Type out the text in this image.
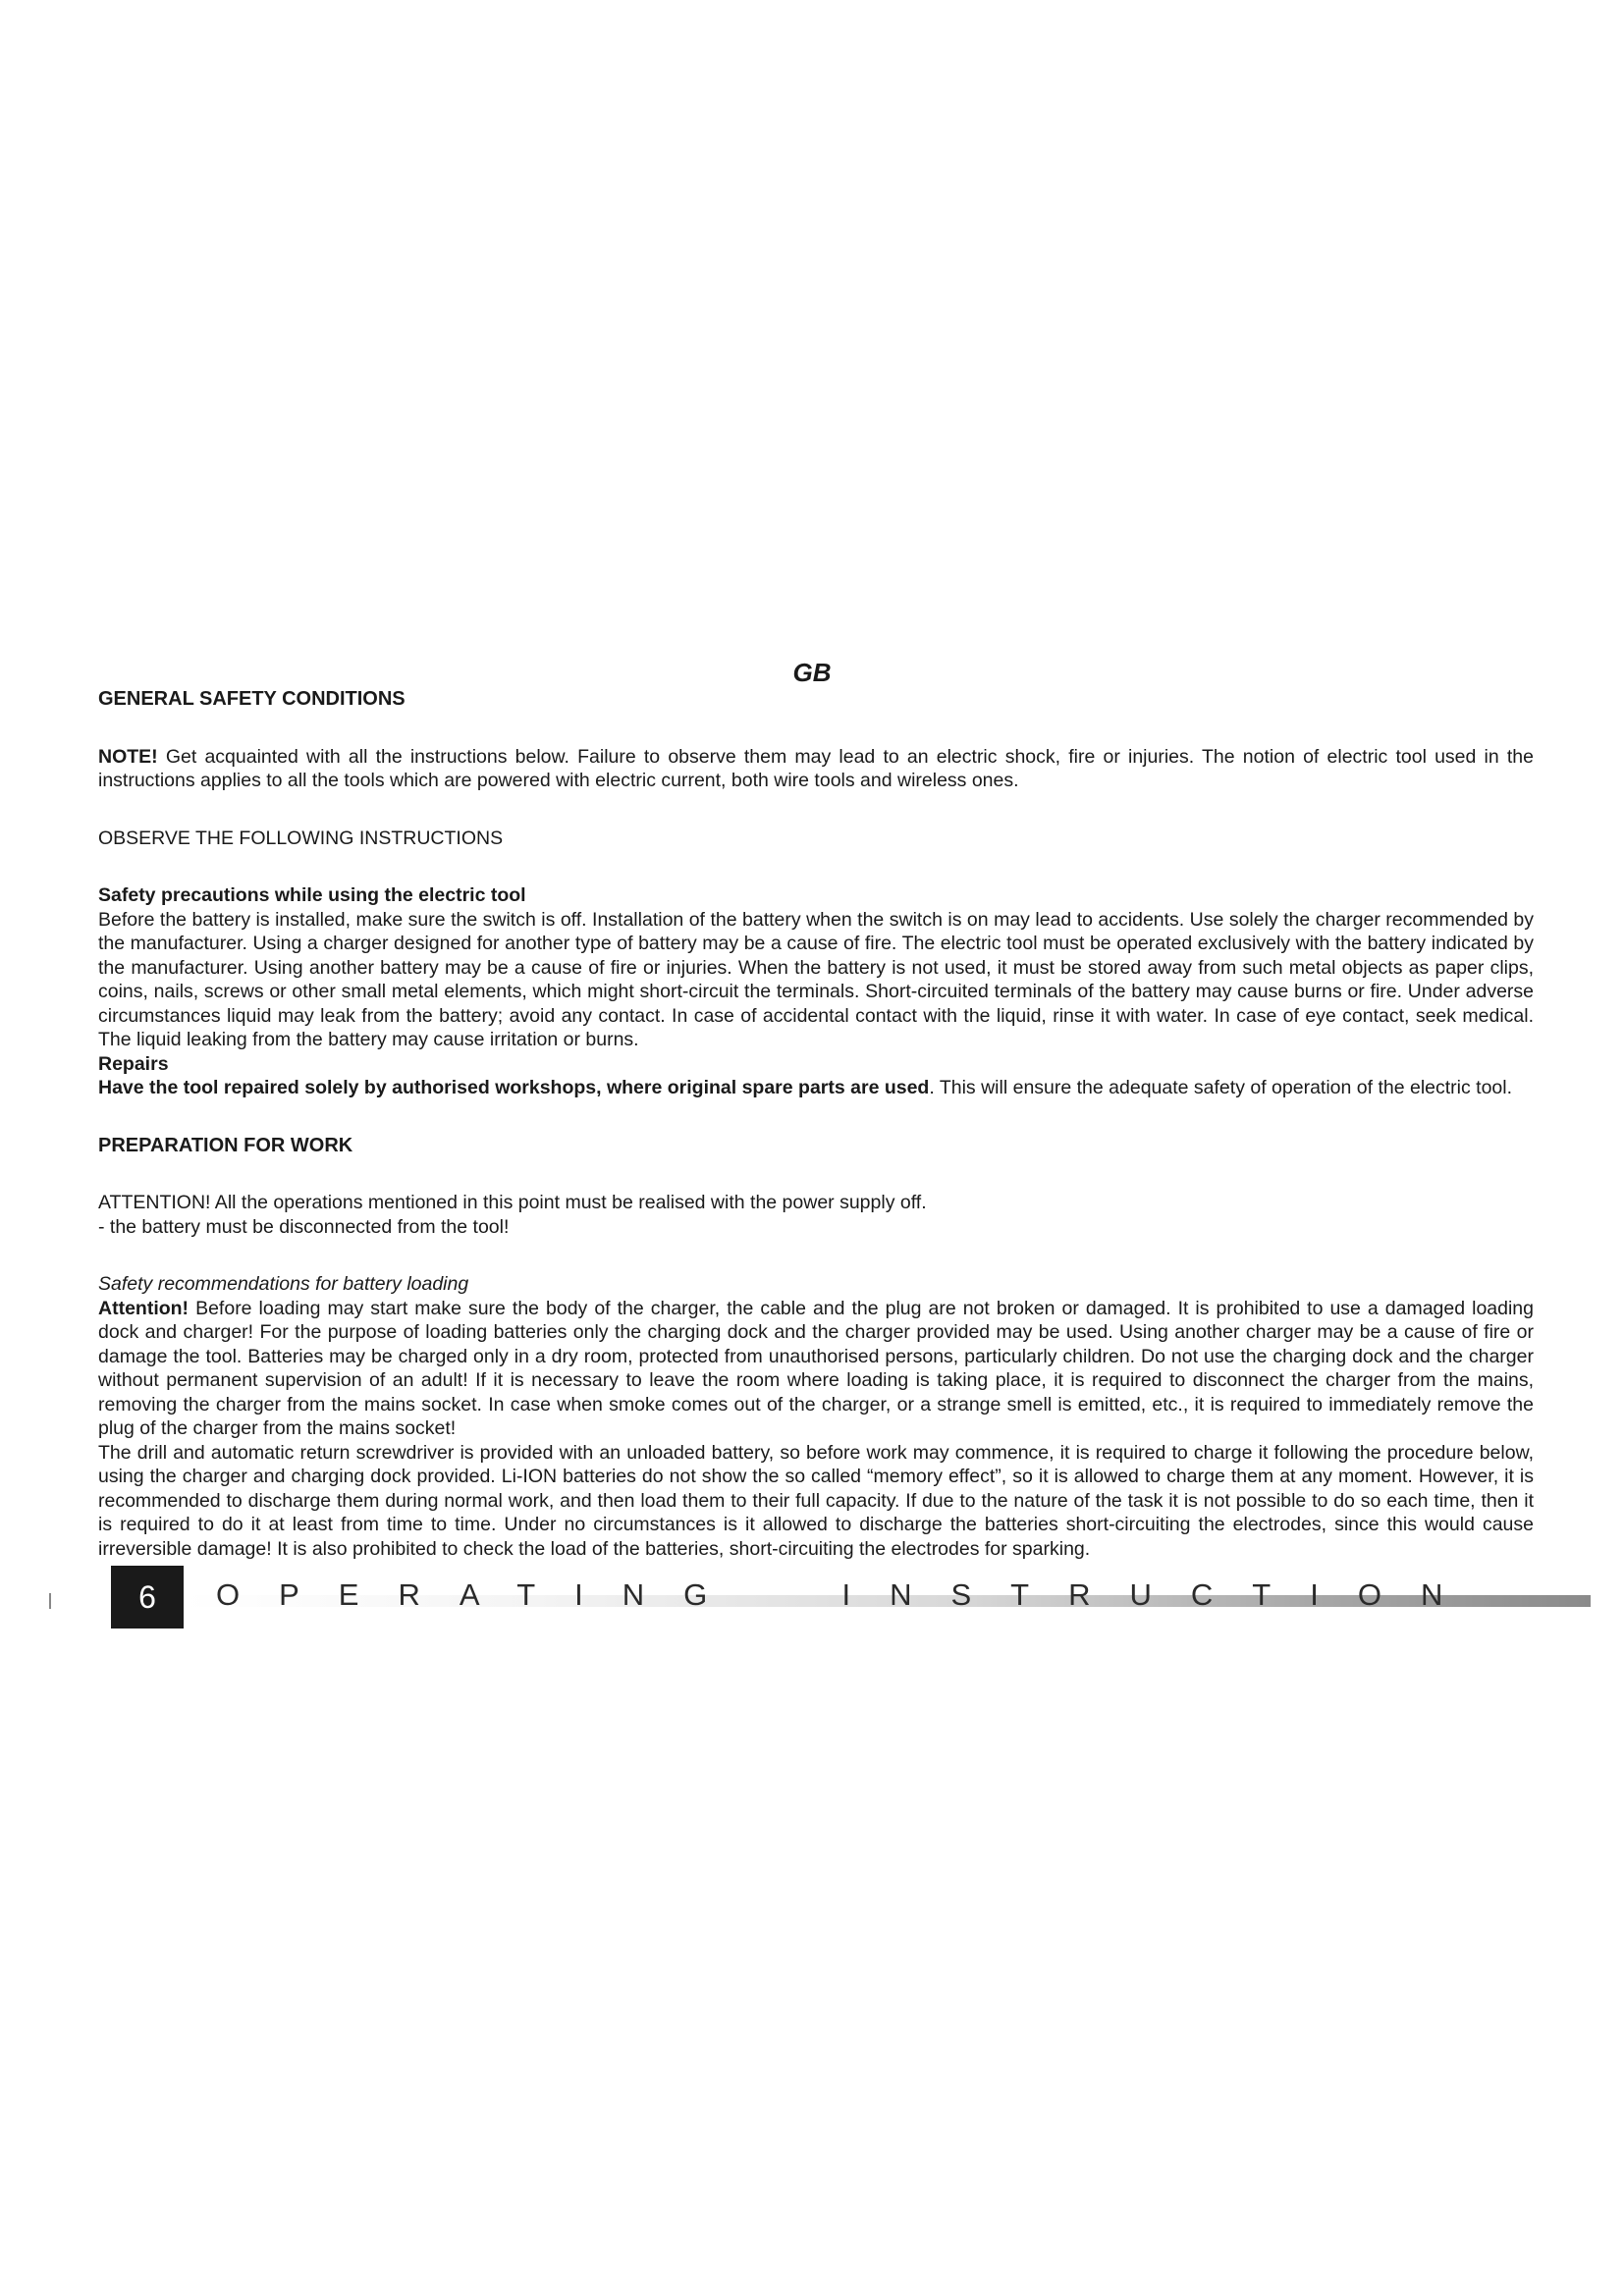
GB

GENERAL SAFETY CONDITIONS

NOTE! Get acquainted with all the instructions below. Failure to observe them may lead to an electric shock, fire or injuries. The notion of electric tool used in the instructions applies to all the tools which are powered with electric current, both wire tools and wireless ones.

OBSERVE THE FOLLOWING INSTRUCTIONS

Safety precautions while using the electric tool

Before the battery is installed, make sure the switch is off. Installation of the battery when the switch is on may lead to accidents. Use solely the charger recommended by the manufacturer. Using a charger designed for another type of battery may be a cause of fire. The electric tool must be operated exclusively with the battery indicated by the manufacturer. Using another battery may be a cause of fire or injuries. When the battery is not used, it must be stored away from such metal objects as paper clips, coins, nails, screws or other small metal elements, which might short-circuit the terminals. Short-circuited terminals of the battery may cause burns or fire. Under adverse circumstances liquid may leak from the battery; avoid any contact. In case of accidental contact with the liquid, rinse it with water. In case of eye contact, seek medical. The liquid leaking from the battery may cause irritation or burns.

Repairs

Have the tool repaired solely by authorised workshops, where original spare parts are used. This will ensure the adequate safety of operation of the electric tool.

PREPARATION FOR WORK

ATTENTION! All the operations mentioned in this point must be realised with the power supply off.

- the battery must be disconnected from the tool!

Safety recommendations for battery loading

Attention! Before loading may start make sure the body of the charger, the cable and the plug are not broken or damaged. It is prohibited to use a damaged loading dock and charger! For the purpose of loading batteries only the charging dock and the charger provided may be used. Using another charger may be a cause of fire or damage the tool. Batteries may be charged only in a dry room, protected from unauthorised persons, particularly children. Do not use the charging dock and the charger without permanent supervision of an adult! If it is necessary to leave the room where loading is taking place, it is required to disconnect the charger from the mains, removing the charger from the mains socket. In case when smoke comes out of the charger, or a strange smell is emitted, etc., it is required to immediately remove the plug of the charger from the mains socket!

The drill and automatic return screwdriver is provided with an unloaded battery, so before work may commence, it is required to charge it following the procedure below, using the charger and charging dock provided. Li-ION batteries do not show the so called “memory effect”, so it is allowed to charge them at any moment. However, it is recommended to discharge them during normal work, and then load them to their full capacity. If due to the nature of the task it is not possible to do so each time, then it is required to do it at least from time to time. Under no circumstances is it allowed to discharge the batteries short-circuiting the electrodes, since this would cause irreversible damage! It is also prohibited to check the load of the batteries, short-circuiting the electrodes for sparking.

6 OPERATING  INSTRUCTION
